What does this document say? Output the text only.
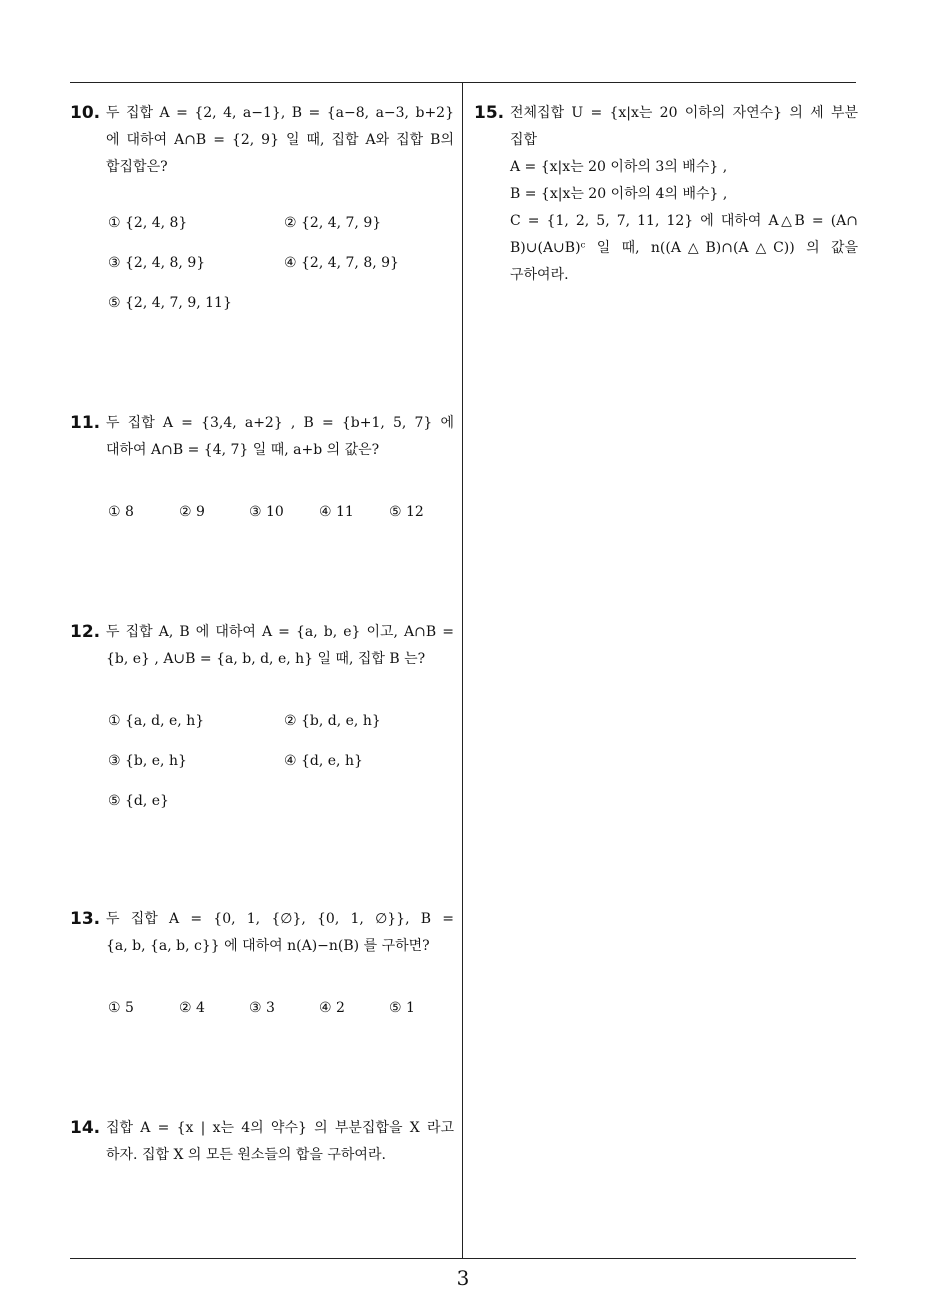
10. 두 집합 A = {2, 4, a−1}, B = {a−8, a−3, b+2}
에 대하여 A∩B = {2, 9} 일 때, 집합 A와 집합 B의
합집합은?
① {2, 4, 8}	② {2, 4, 7, 9}
③ {2, 4, 8, 9}	④ {2, 4, 7, 8, 9}
⑤ {2, 4, 7, 9, 11}
11. 두 집합 A = {3,4, a+2} , B = {b+1, 5, 7} 에
대하여 A∩B = {4, 7} 일 때, a+b 의 값은?
① 8	② 9	③ 10	④ 11	⑤ 12
12. 두 집합 A, B 에 대하여 A = {a, b, e} 이고, A∩B =
{b, e} , A∪B = {a, b, d, e, h} 일 때, 집합 B 는?
① {a, d, e, h}	② {b, d, e, h}
③ {b, e, h}	④ {d, e, h}
⑤ {d, e}
13. 두 집합 A = {0, 1, {∅}, {0, 1, ∅}}, B =
{a, b, {a, b, c}} 에 대하여 n(A)−n(B) 를 구하면?
① 5	② 4	③ 3	④ 2	⑤ 1
14. 집합 A = {x | x는 4의 약수} 의 부분집합을 X 라고
하자. 집합 X 의 모든 원소들의 합을 구하여라.
15. 전체집합 U = {x|x는 20 이하의 자연수} 의 세 부분
집합
A = {x|x는 20 이하의 3의 배수} ,
B = {x|x는 20 이하의 4의 배수} ,
C = {1, 2, 5, 7, 11, 12} 에 대하여 A△B = (A∩
B)∪(A∪B)ᶜ 일 때, n((A△B)∩(A△C)) 의 값을
구하여라.
3
